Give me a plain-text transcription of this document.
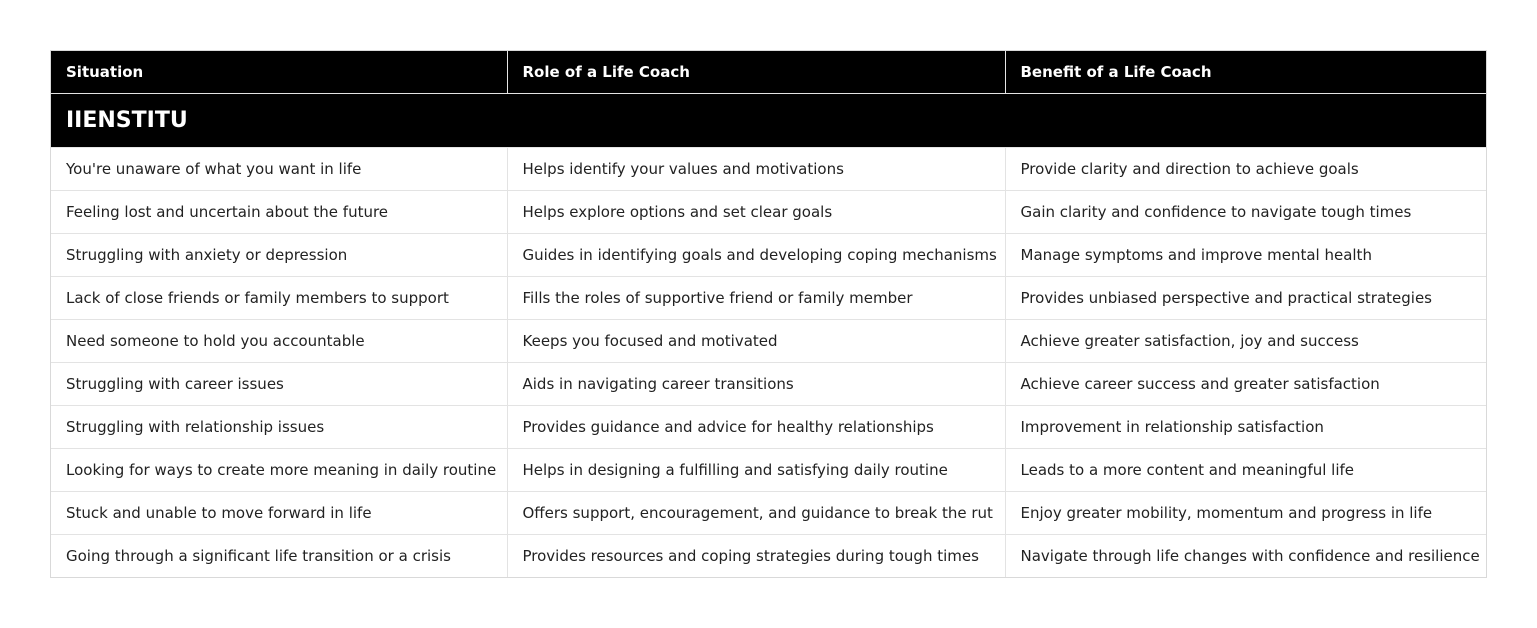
IIENSTITU		
Situation	Role of a Life Coach	Benefit of a Life Coach
You're unaware of what you want in life	Helps identify your values and motivations	Provide clarity and direction to achieve goals
Feeling lost and uncertain about the future	Helps explore options and set clear goals	Gain clarity and confidence to navigate tough times
Struggling with anxiety or depression	Guides in identifying goals and developing coping mechanisms	Manage symptoms and improve mental health
Lack of close friends or family members to support	Fills the roles of supportive friend or family member	Provides unbiased perspective and practical strategies
Need someone to hold you accountable	Keeps you focused and motivated	Achieve greater satisfaction, joy and success
Struggling with career issues	Aids in navigating career transitions	Achieve career success and greater satisfaction
Struggling with relationship issues	Provides guidance and advice for healthy relationships	Improvement in relationship satisfaction
Looking for ways to create more meaning in daily routine	Helps in designing a fulfilling and satisfying daily routine	Leads to a more content and meaningful life
Stuck and unable to move forward in life	Offers support, encouragement, and guidance to break the rut	Enjoy greater mobility, momentum and progress in life
Going through a significant life transition or a crisis	Provides resources and coping strategies during tough times	Navigate through life changes with confidence and resilience
